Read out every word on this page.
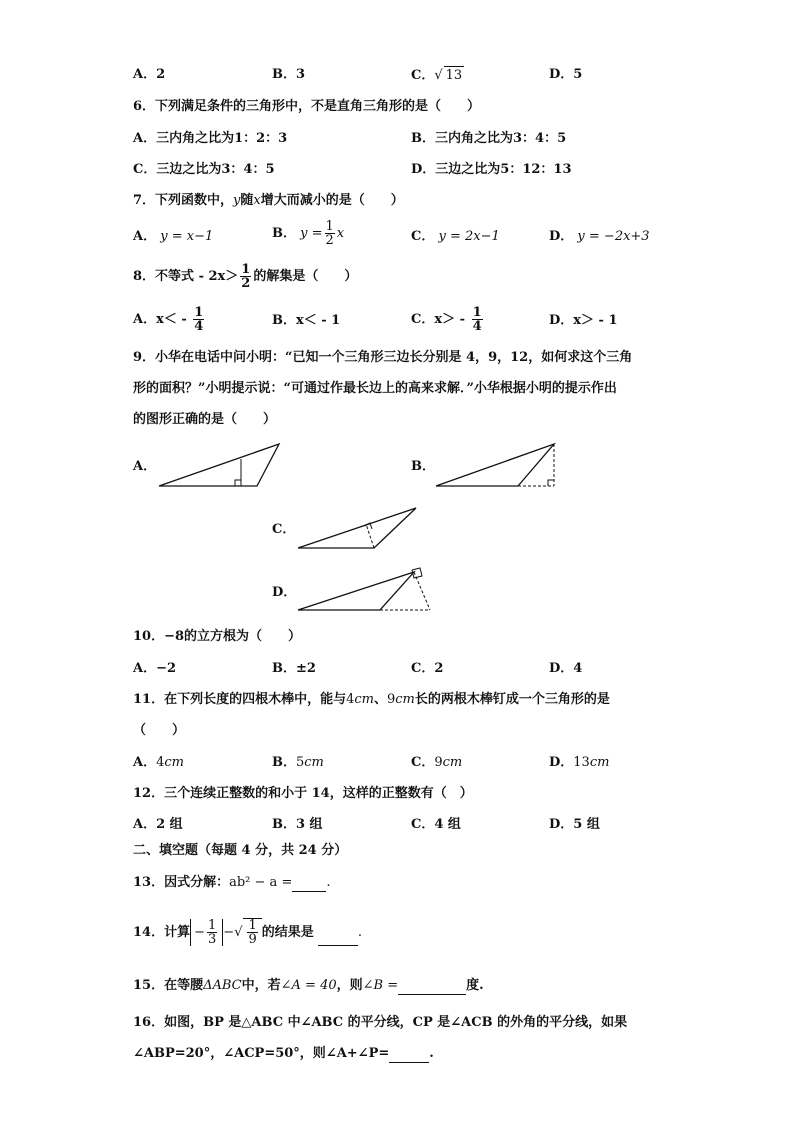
A．2	B．3	C．√ 13	D．5
6．下列满足条件的三角形中，不是直角三角形的是（　　）
A．三内角之比为1：2：3	B．三内角之比为3：4：5
C．三边之比为3：4：5	D．三边之比为5：12：13
7．下列函数中，y随x增大而减小的是（　　）
A． y = x−1	B． $y = \frac{1}{2}$ x	C． y = 2x−1	D． y = −2x+3
8．不等式 - $2x> \frac{1}{2}$ 的解集是（　　）
A．$x< - \frac{1}{4}$	B．x＜ - 1	C．$x> - \frac{1}{4}$	D．x＞ - 1
9．小华在电话中问小明：“已知一个三角形三边长分别是 4，9，12，如何求这个三角
形的面积？”小明提示说：“可通过作最长边上的高来求解．”小华根据小明的提示作出
的图形正确的是（　　）
A．	B．
C．
D．
10．−8的立方根为（　　）
A．−2	B．±2	C．2	D．4
11．在下列长度的四根木棒中，能与4cm、9cm长的两根木棒钉成一个三角形的是
（　　）
A．4cm	B．5cm	C．9cm	D．13cm
12．三个连续正整数的和小于 14，这样的正整数有（　）
A．2 组	B．3 组	C．4 组	D．5 组
二、填空题（每题 4 分，共 24 分）
13．因式分解：ab² − a =	.
14．计算 − $\frac{1}{3}$ −√ $\frac{1}{9}$ 的结果是	.
15．在等腰ΔABC中，若∠A = 40，则∠B =	度.
16．如图，BP 是△ABC 中∠ABC 的平分线，CP 是∠ACB 的外角的平分线，如果
∠ABP=20°，∠ACP=50°，则∠A+∠P=	.
